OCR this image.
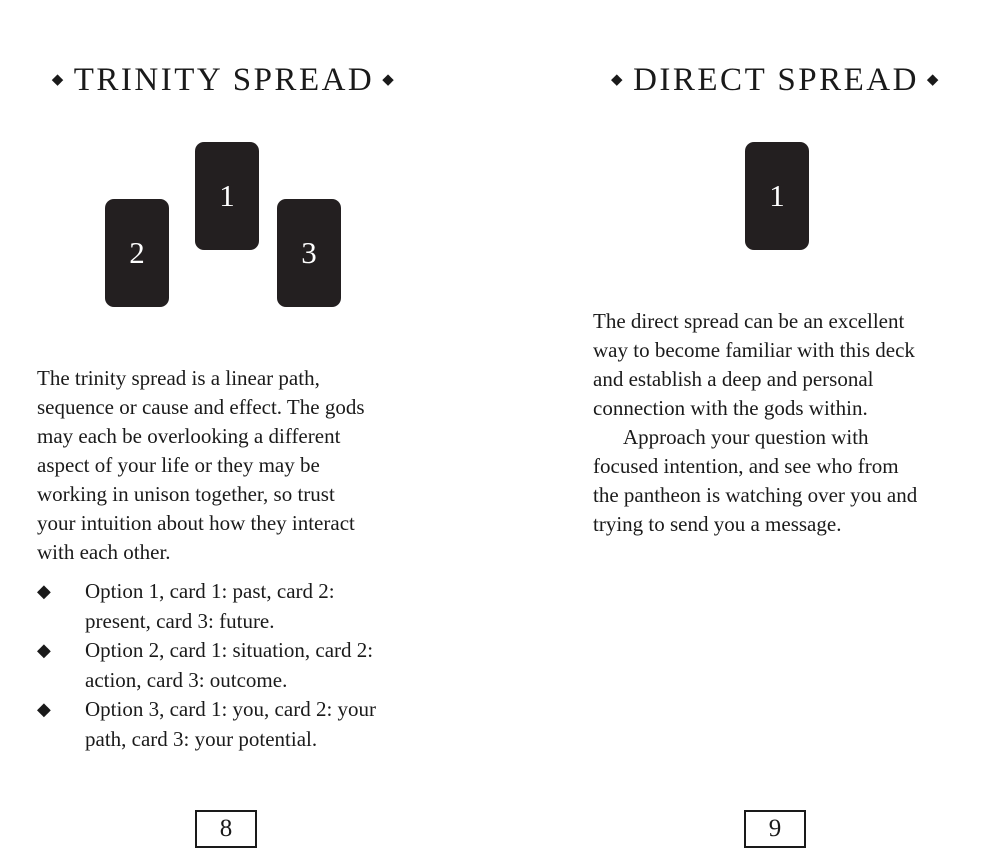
◆ TRINITY SPREAD ◆
1
2	3

The trinity spread is a linear path,
sequence or cause and effect. The gods
may each be overlooking a different
aspect of your life or they may be
working in unison together, so trust
your intuition about how they interact
with each other.

◆ Option 1, card 1: past, card 2:
present, card 3: future.
◆ Option 2, card 1: situation, card 2:
action, card 3: outcome.
◆ Option 3, card 1: you, card 2: your
path, card 3: your potential.
8
◆ DIRECT SPREAD ◆
1
The direct spread can be an excellent
way to become familiar with this deck
and establish a deep and personal
connection with the gods within.
Approach your question with
focused intention, and see who from
the pantheon is watching over you and
trying to send you a message.
9
